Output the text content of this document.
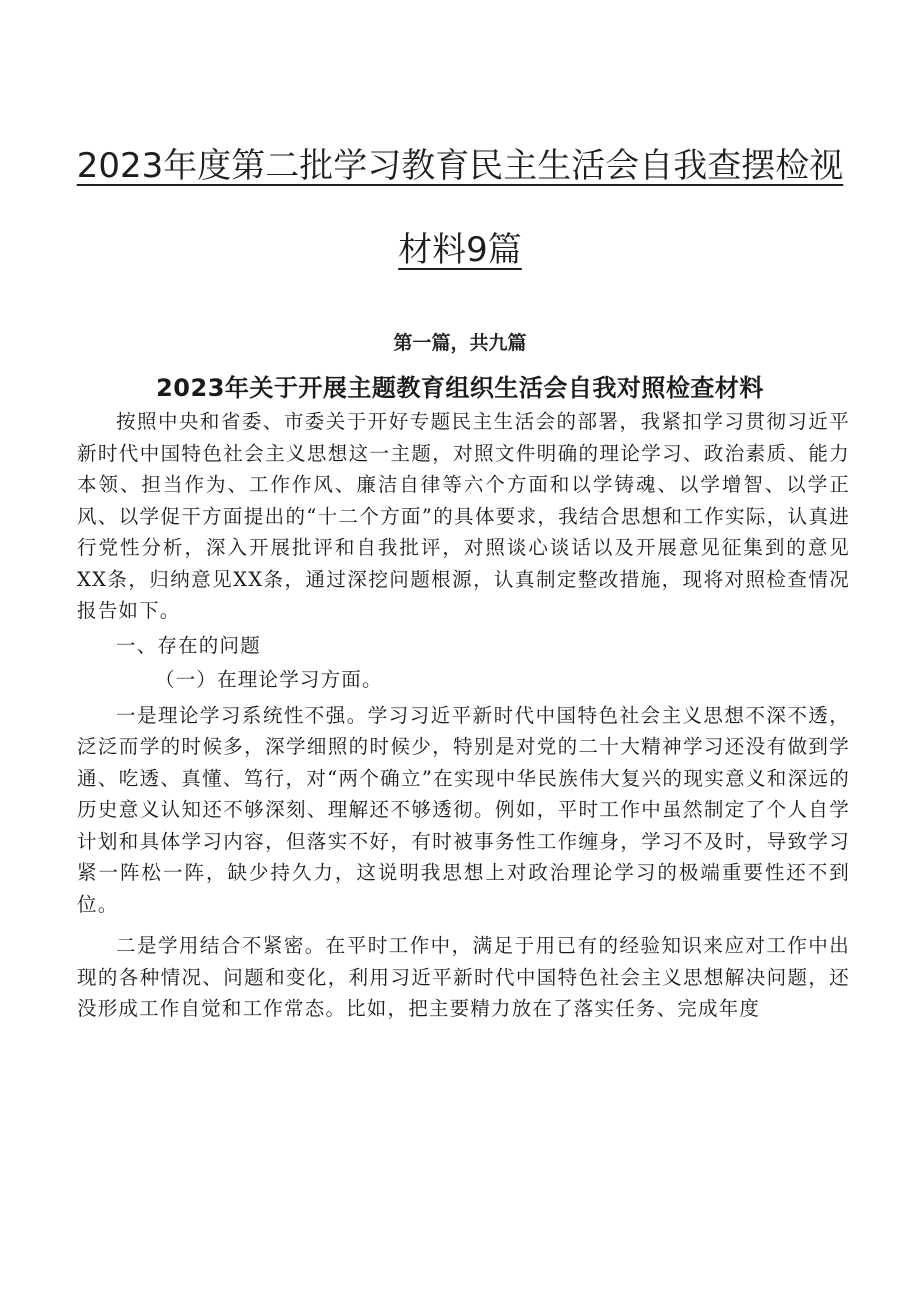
2023年度第二批学习教育民主生活会自我查摆检视
材料9篇
第一篇，共九篇
2023年关于开展主题教育组织生活会自我对照检查材料

按照中央和省委、市委关于开好专题民主生活会的部署，我紧扣学习贯彻习近平新时代中国特色社会主义思想这一主题，对照文件明确的理论学习、政治素质、能力本领、担当作为、工作作风、廉洁自律等六个方面和以学铸魂、以学增智、以学正风、以学促干方面提出的“十二个方面”的具体要求，我结合思想和工作实际，认真进行党性分析，深入开展批评和自我批评，对照谈心谈话以及开展意见征集到的意见XX条，归纳意见XX条，通过深挖问题根源，认真制定整改措施，现将对照检查情况报告如下。

一、存在的问题

（一）在理论学习方面。

一是理论学习系统性不强。学习习近平新时代中国特色社会主义思想不深不透，泛泛而学的时候多，深学细照的时候少，特别是对党的二十大精神学习还没有做到学通、吃透、真懂、笃行，对“两个确立”在实现中华民族伟大复兴的现实意义和深远的历史意义认知还不够深刻、理解还不够透彻。例如，平时工作中虽然制定了个人自学计划和具体学习内容，但落实不好，有时被事务性工作缠身，学习不及时，导致学习紧一阵松一阵，缺少持久力，这说明我思想上对政治理论学习的极端重要性还不到位。

二是学用结合不紧密。在平时工作中，满足于用已有的经验知识来应对工作中出现的各种情况、问题和变化，利用习近平新时代中国特色社会主义思想解决问题，还没形成工作自觉和工作常态。比如，把主要精力放在了落实任务、完成年度
